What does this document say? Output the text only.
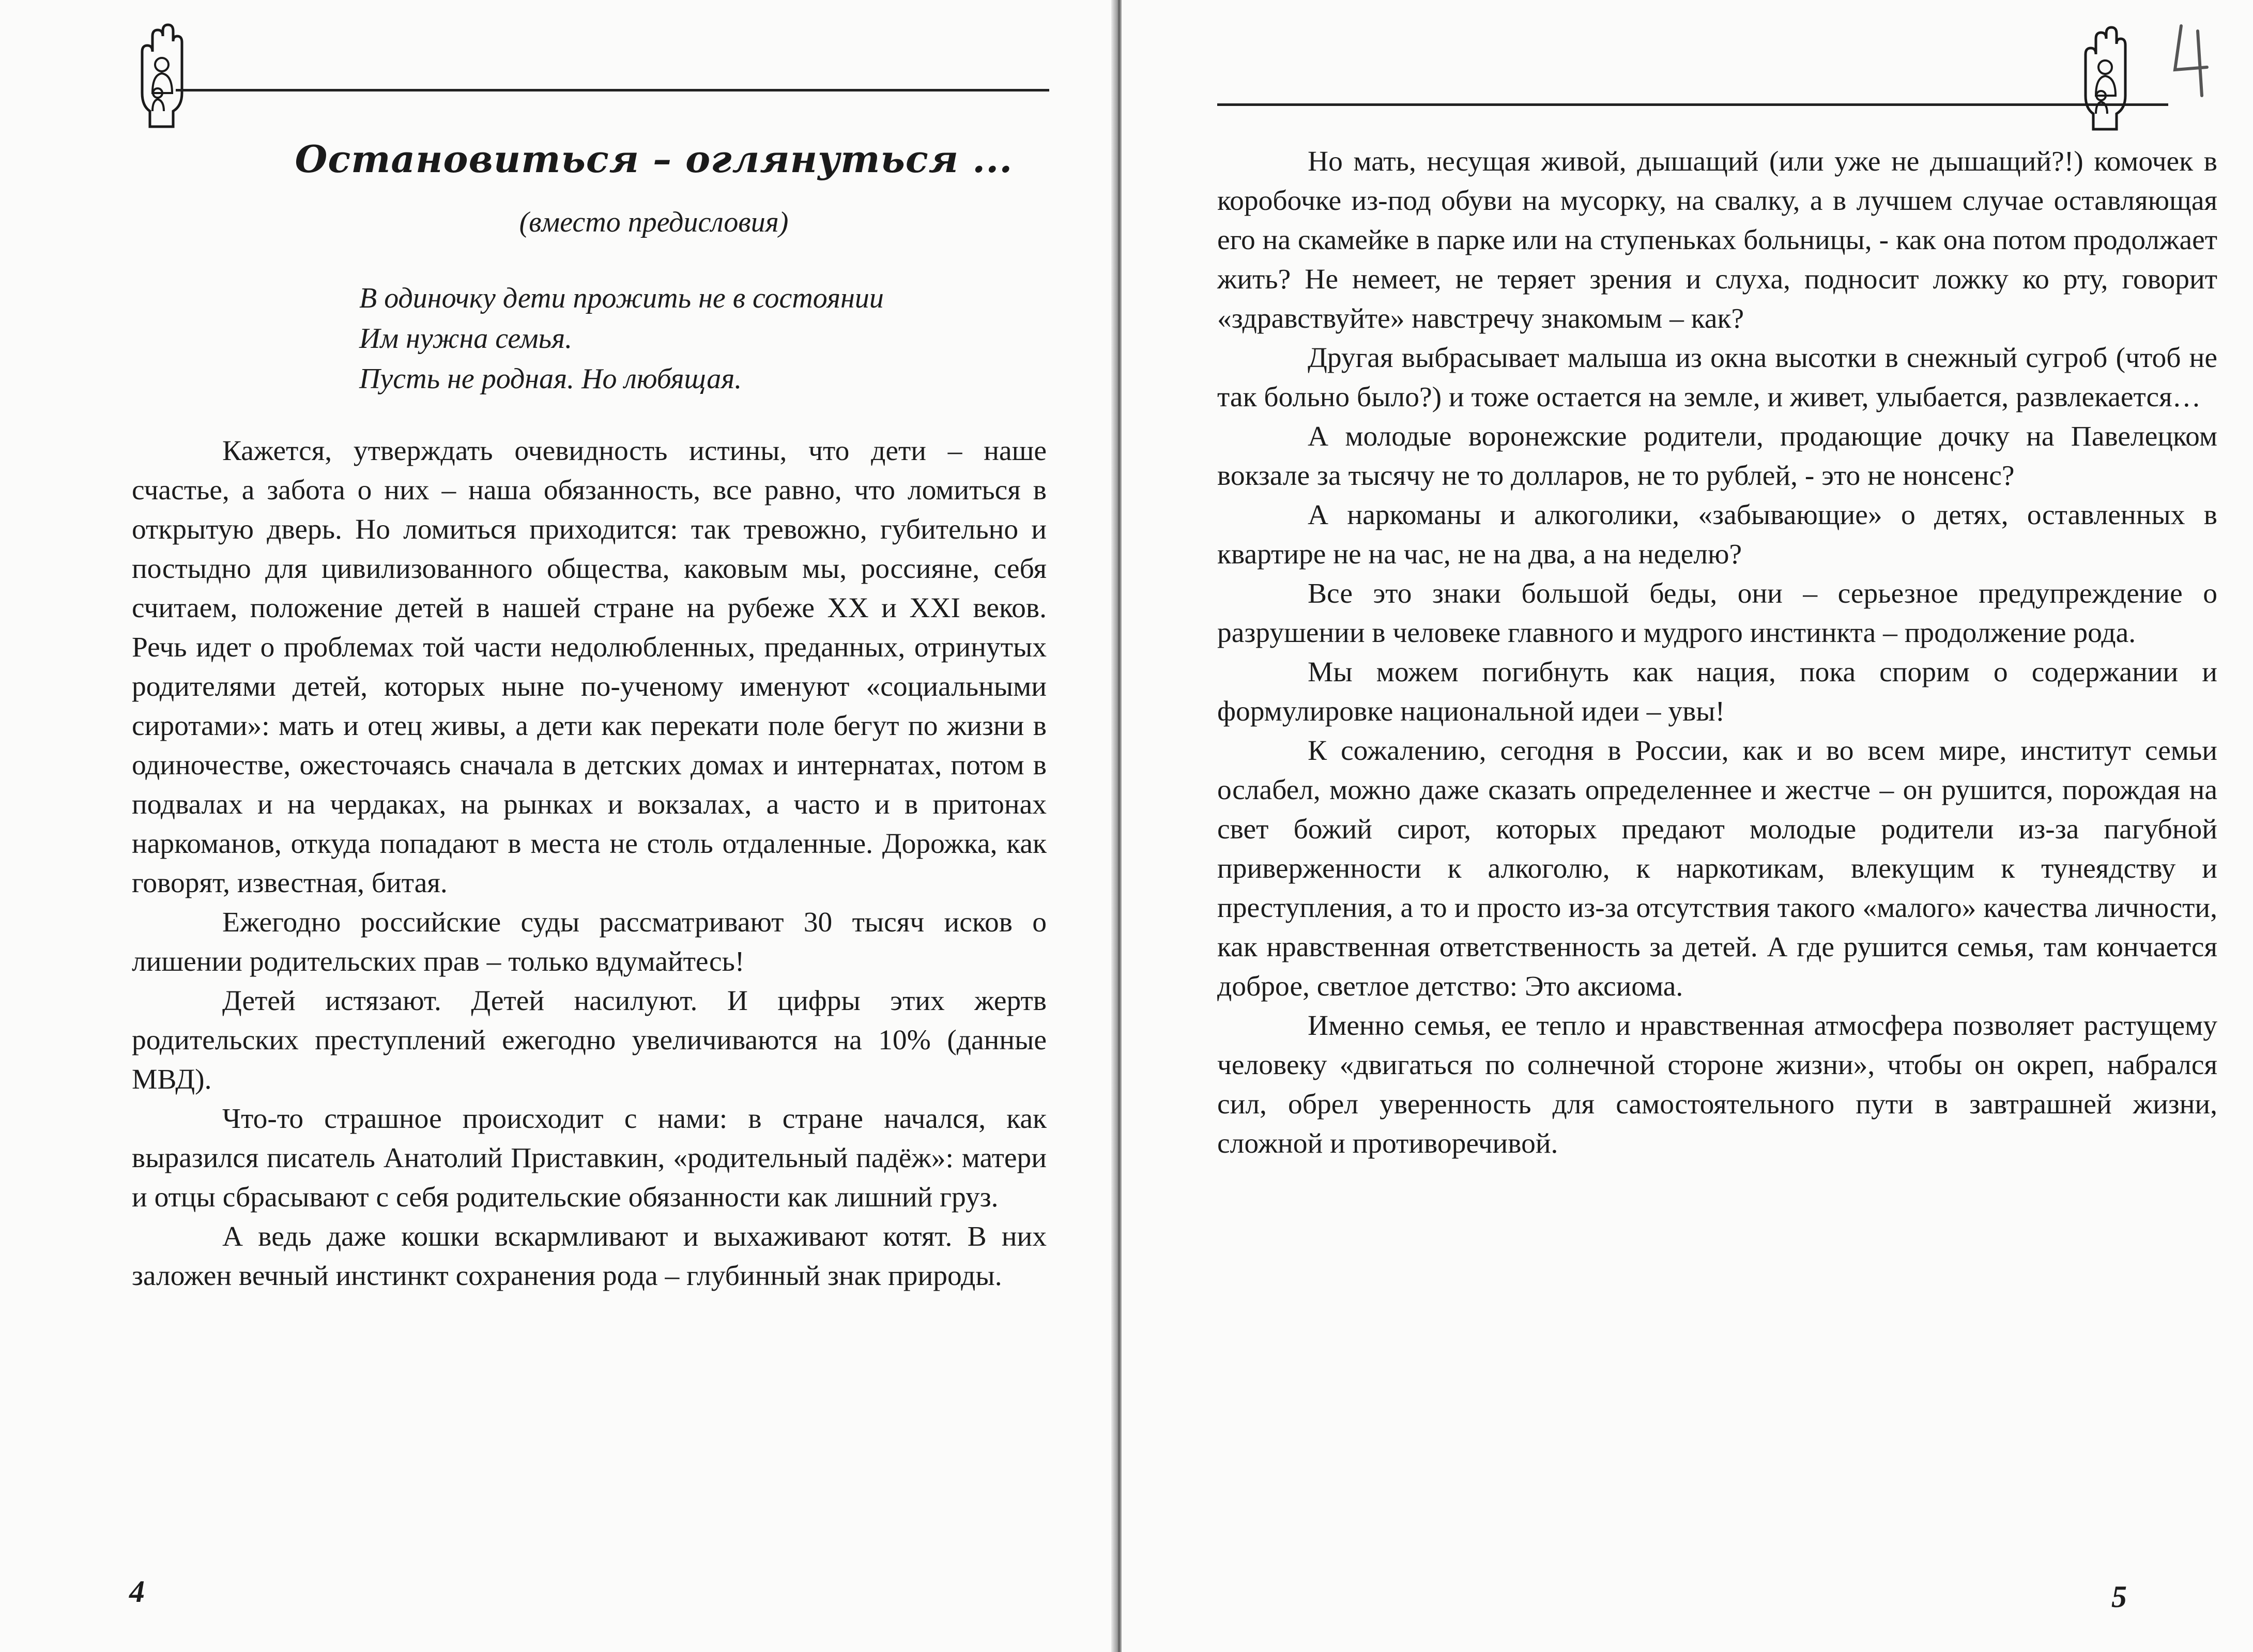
Остановиться – оглянуться ...

(вместо предисловия)

В одиночку дети прожить не в состоянии
Им нужна семья.
Пусть не родная. Но любящая.

Кажется, утверждать очевидность истины, что дети – наше счастье, а забота о них – наша обязанность, все равно, что ломиться в открытую дверь. Но ломиться приходится: так тревожно, губительно и постыдно для цивилизованного общества, каковым мы, россияне, себя считаем, положение детей в нашей стране на рубеже XX и XXI веков. Речь идет о проблемах той части недолюбленных, преданных, отринутых родителями детей, которых ныне по-ученому именуют «социальными сиротами»: мать и отец живы, а дети как перекати поле бегут по жизни в одиночестве, ожесточаясь сначала в детских домах и интернатах, потом в подвалах и на чердаках, на рынках и вокзалах, а часто и в притонах наркоманов, откуда попадают в места не столь отдаленные. Дорожка, как говорят, известная, битая.

Ежегодно российские суды рассматривают 30 тысяч исков о лишении родительских прав – только вдумайтесь!

Детей истязают. Детей насилуют. И цифры этих жертв родительских преступлений ежегодно увеличиваются на 10% (данные МВД).

Что-то страшное происходит с нами: в стране начался, как выразился писатель Анатолий Приставкин, «родительный падёж»: матери и отцы сбрасывают с себя родительские обязанности как лишний груз.

А ведь даже кошки вскармливают и выхаживают котят. В них заложен вечный инстинкт сохранения рода – глубинный знак природы.

4

Но мать, несущая живой, дышащий (или уже не дышащий?!) комочек в коробочке из-под обуви на мусорку, на свалку, а в лучшем случае оставляющая его на скамейке в парке или на ступеньках больницы, - как она потом продолжает жить? Не немеет, не теряет зрения и слуха, подносит ложку ко рту, говорит «здравствуйте» навстречу знакомым – как?

Другая выбрасывает малыша из окна высотки в снежный сугроб (чтоб не так больно было?) и тоже остается на земле, и живет, улыбается, развлекается…

А молодые воронежские родители, продающие дочку на Павелецком вокзале за тысячу не то долларов, не то рублей, - это не нонсенс?

А наркоманы и алкоголики, «забывающие» о детях, оставленных в квартире не на час, не на два, а на неделю?

Все это знаки большой беды, они – серьезное предупреждение о разрушении в человеке главного и мудрого инстинкта – продолжение рода.

Мы можем погибнуть как нация, пока спорим о содержании и формулировке национальной идеи – увы!

К сожалению, сегодня в России, как и во всем мире, институт семьи ослабел, можно даже сказать определеннее и жестче – он рушится, порождая на свет божий сирот, которых предают молодые родители из-за пагубной приверженности к алкоголю, к наркотикам, влекущим к тунеядству и преступления, а то и просто из-за отсутствия такого «малого» качества личности, как нравственная ответственность за детей. А где рушится семья, там кончается доброе, светлое детство: Это аксиома.

Именно семья, ее тепло и нравственная атмосфера позволяет растущему человеку «двигаться по солнечной стороне жизни», чтобы он окреп, набрался сил, обрел уверенность для самостоятельного пути в завтрашней жизни, сложной и противоречивой.

5
